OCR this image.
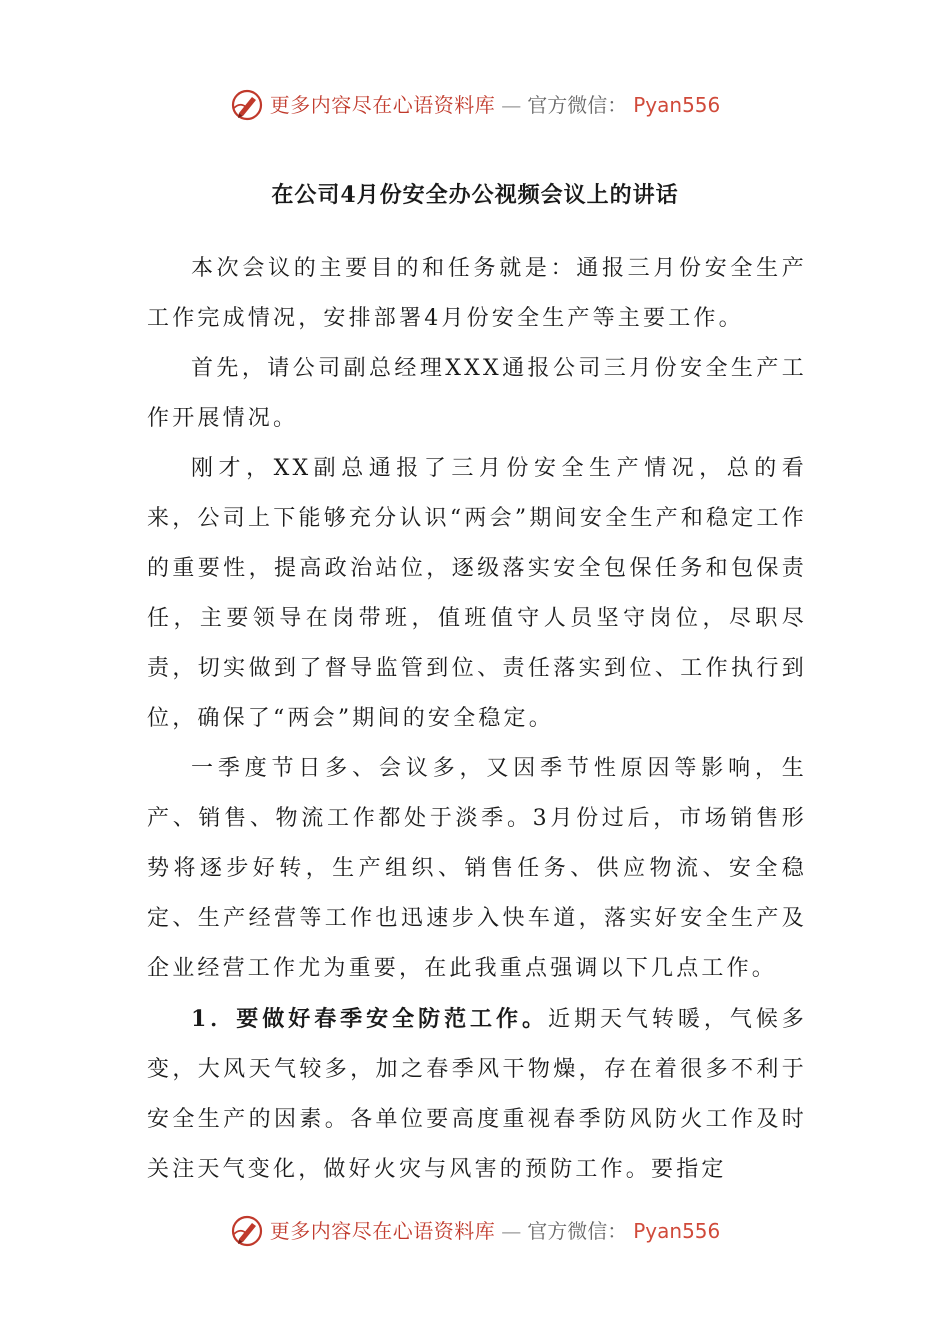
更多内容尽在心语资料库 — 官方微信： Pyan556
在公司4月份安全办公视频会议上的讲话

本次会议的主要目的和任务就是：通报三月份安全生产工作完成情况，安排部署4月份安全生产等主要工作。

首先，请公司副总经理XXX通报公司三月份安全生产工作开展情况。

刚才，XX副总通报了三月份安全生产情况，总的看来，公司上下能够充分认识“两会”期间安全生产和稳定工作的重要性，提高政治站位，逐级落实安全包保任务和包保责任，主要领导在岗带班，值班值守人员坚守岗位，尽职尽责，切实做到了督导监管到位、责任落实到位、工作执行到位，确保了“两会”期间的安全稳定。

一季度节日多、会议多，又因季节性原因等影响，生产、销售、物流工作都处于淡季。3月份过后，市场销售形势将逐步好转，生产组织、销售任务、供应物流、安全稳定、生产经营等工作也迅速步入快车道，落实好安全生产及企业经营工作尤为重要，在此我重点强调以下几点工作。

1．要做好春季安全防范工作。近期天气转暖，气候多变，大风天气较多，加之春季风干物燥，存在着很多不利于安全生产的因素。各单位要高度重视春季防风防火工作及时关注天气变化，做好火灾与风害的预防工作。要指定

更多内容尽在心语资料库 — 官方微信： Pyan556
